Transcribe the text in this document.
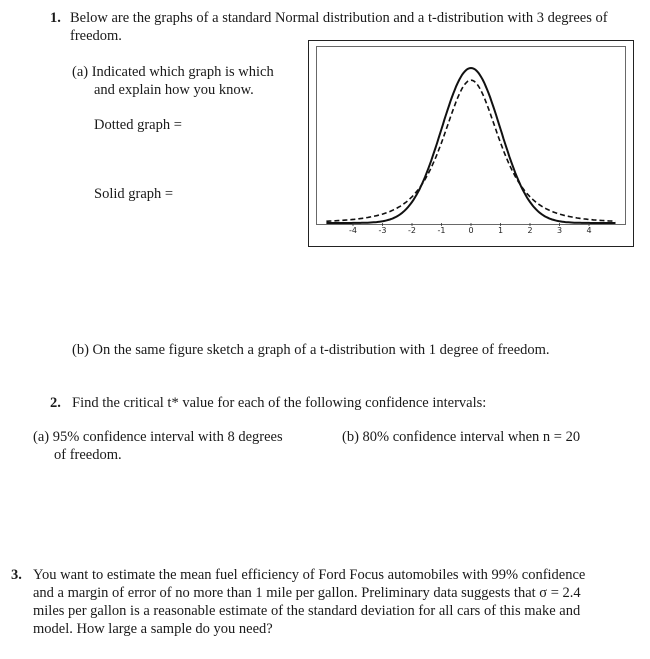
1. Below are the graphs of a standard Normal distribution and a t-distribution with 3 degrees of
freedom.
(a) Indicated which graph is which
and explain how you know.
Dotted graph =
Solid graph =
-4	-3	-2	-1	0	1	2	3	4
(b) On the same figure sketch a graph of a t-distribution with 1 degree of freedom.
2. Find the critical t* value for each of the following confidence intervals:
(a) 95% confidence interval with 8 degrees
of freedom.
(b) 80% confidence interval when n = 20
3. You want to estimate the mean fuel efficiency of Ford Focus automobiles with 99% confidence
and a margin of error of no more than 1 mile per gallon. Preliminary data suggests that σ = 2.4
miles per gallon is a reasonable estimate of the standard deviation for all cars of this make and
model. How large a sample do you need?
